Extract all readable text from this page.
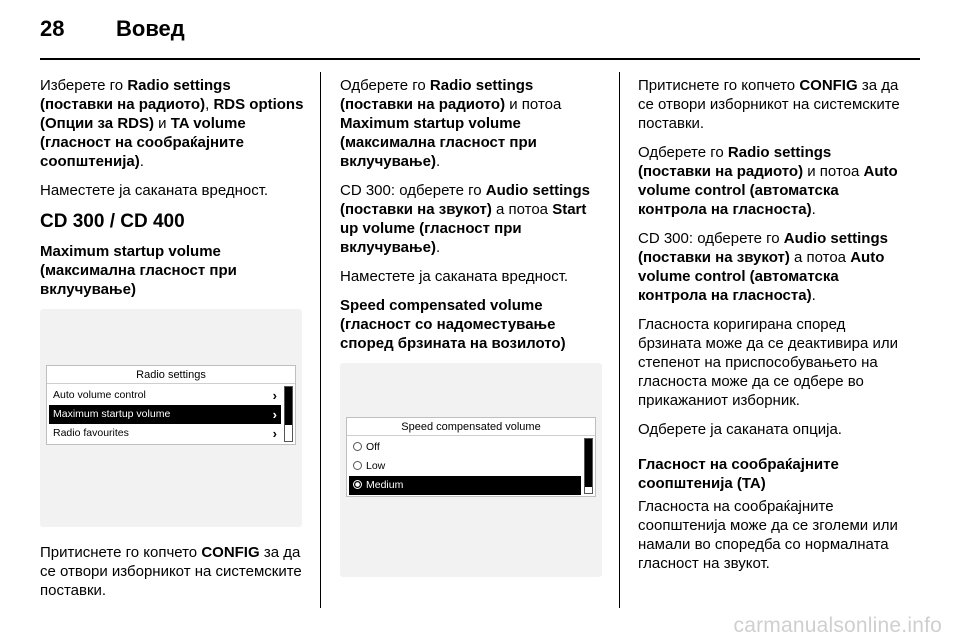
28 Вовед

Изберете го Radio settings (поставки на радиото), RDS options (Опции за RDS) и TA volume (гласност на сообраќајните соопштенија).

Наместете ја саканата вредност.

CD 300 / CD 400

Maximum startup volume (максимална гласност при вклучување)

Radio settings
Auto volume control	›
Maximum startup volume	›
Radio favourites	›

Притиснете го копчето CONFIG за да се отвори изборникот на системските поставки.

Одберете го Radio settings (поставки на радиото) и потоа Maximum startup volume (максимална гласност при вклучување).

CD 300: одберете го Audio settings (поставки на звукот) а потоа Start up volume (гласност при вклучување).

Наместете ја саканата вредност.

Speed compensated volume (гласност со надоместување според брзината на возилото)

Speed compensated volume
Off
Low
Medium

Притиснете го копчето CONFIG за да се отвори изборникот на системските поставки.

Одберете го Radio settings (поставки на радиото) и потоа Auto volume control (автоматска контрола на гласноста).

CD 300: одберете го Audio settings (поставки на звукот) а потоа Auto volume control (автоматска контрола на гласноста).

Гласноста коригирана според брзината може да се деактивира или степенот на приспособувањето на гласноста може да се одбере во прикажаниот изборник.

Одберете ја саканата опција.

Гласност на сообраќајните соопштенија (TA)

Гласноста на сообраќајните соопштенија може да се зголеми или намали во споредба со нормалната гласност на звукот.

carmanualsonline.info
